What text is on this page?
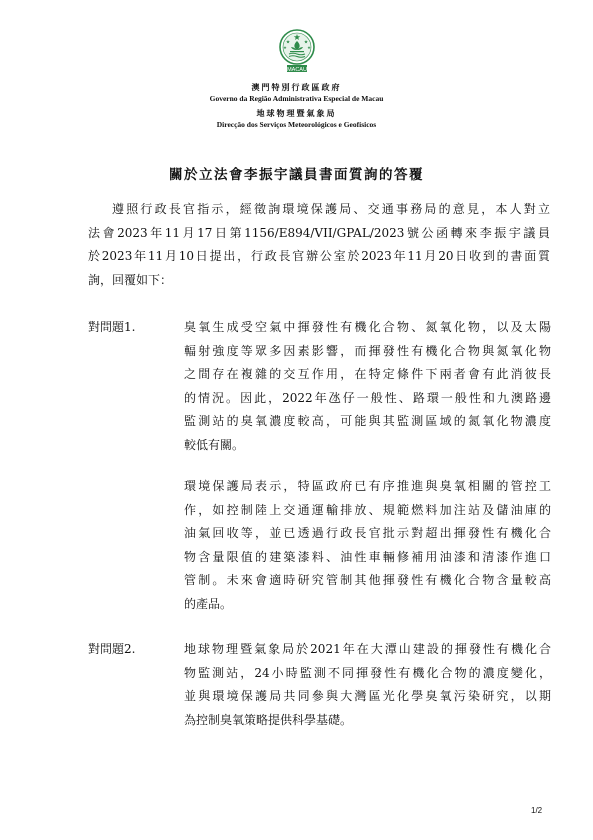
MACAU
澳門特別行政區政府
Governo da Região Administrativa Especial de Macau
地球物理暨氣象局
Direcção dos Serviços Meteorológicos e Geofísicos
關於立法會李振宇議員書面質詢的答覆
遵照行政長官指示，經徵詢環境保護局、交通事務局的意見，本人對立
法會2023年11月17日第1156/E894/VII/GPAL/2023號公函轉來李振宇議員
於2023年11月10日提出，行政長官辦公室於2023年11月20日收到的書面質
詢，回覆如下：
對問題1.	臭氧生成受空氣中揮發性有機化合物、氮氧化物，以及太陽
輻射強度等眾多因素影響，而揮發性有機化合物與氮氧化物
之間存在複雜的交互作用，在特定條件下兩者會有此消彼長
的情況。因此，2022年氹仔一般性、路環一般性和九澳路邊
監測站的臭氧濃度較高，可能與其監測區域的氮氧化物濃度
較低有關。
環境保護局表示，特區政府已有序推進與臭氧相關的管控工
作，如控制陸上交通運輸排放、規範燃料加注站及儲油庫的
油氣回收等，並已透過行政長官批示對超出揮發性有機化合
物含量限值的建築漆料、油性車輛修補用油漆和清漆作進口
管制。未來會適時研究管制其他揮發性有機化合物含量較高
的產品。
對問題2.	地球物理暨氣象局於2021年在大潭山建設的揮發性有機化合
物監測站，24小時監測不同揮發性有機化合物的濃度變化，
並與環境保護局共同參與大灣區光化學臭氧污染研究，以期
為控制臭氧策略提供科學基礎。
1/2
